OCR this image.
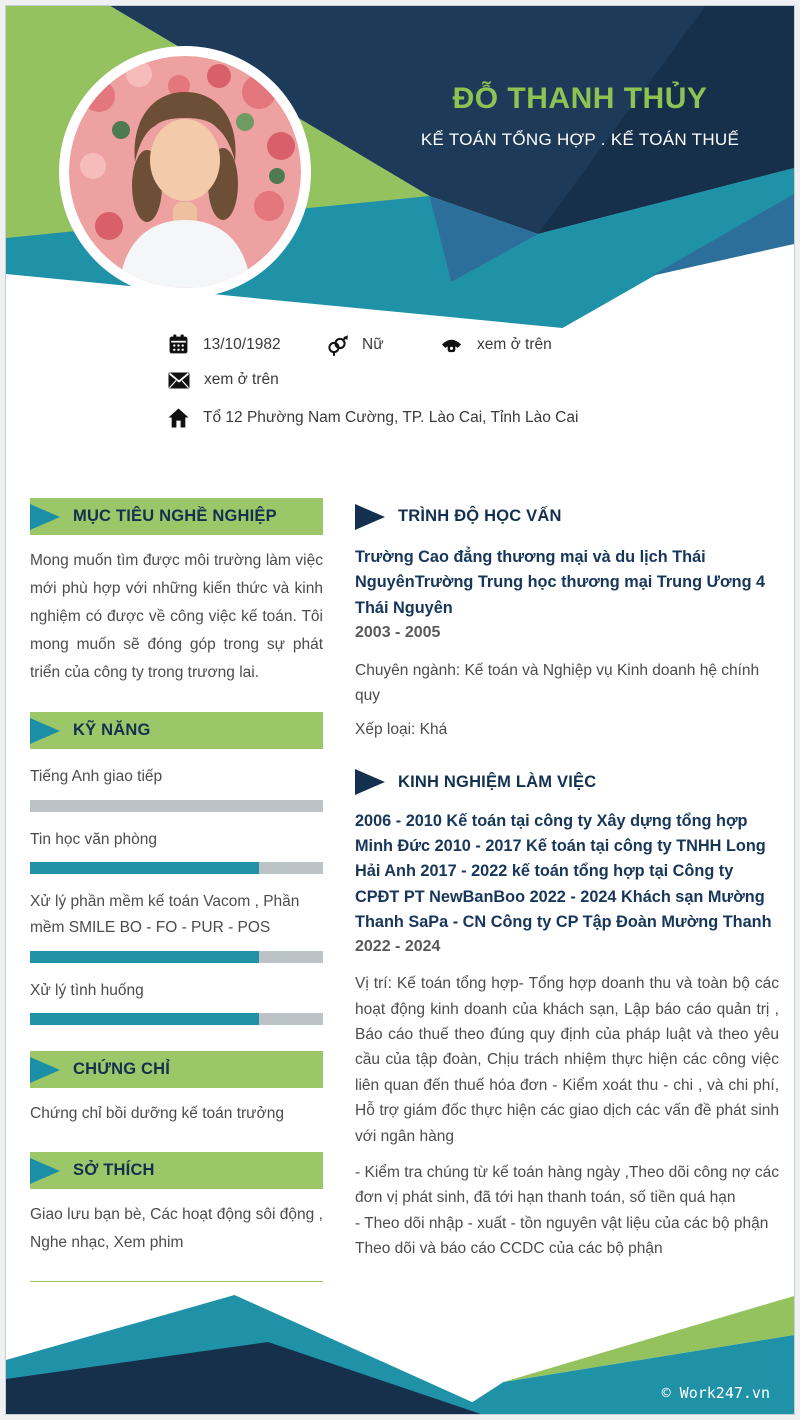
ĐỖ THANH THỦY
KẾ TOÁN TỔNG HỢP . KẾ TOÁN THUẾ
13/10/1982	Nữ	xem ở trên
xem ở trên
Tổ 12 Phường Nam Cường, TP. Lào Cai, Tỉnh Lào Cai
MỤC TIÊU NGHỀ NGHIỆP

Mong muốn tìm được môi trường làm việc mới phù hợp với những kiến thức và kinh nghiệm có được về công việc kế toán. Tôi mong muốn sẽ đóng góp trong sự phát triển của công ty trong trương lai.

KỸ NĂNG
Tiếng Anh giao tiếp
Tin học văn phòng
Xử lý phần mềm kế toán Vacom , Phần mềm SMILE BO - FO - PUR - POS
Xử lý tình huống
CHỨNG CHỈ

Chứng chỉ bồi dưỡng kế toán trưởng

SỞ THÍCH

Giao lưu bạn bè, Các hoạt động sôi động , Nghe nhạc, Xem phim

TRÌNH ĐỘ HỌC VẤN
Trường Cao đẳng thương mại và du lịch Thái NguyênTrường Trung học thương mại Trung Ương 4 Thái Nguyên
2003 - 2005

Chuyên ngành: Kế toán và Nghiệp vụ Kinh doanh hệ chính quy

Xếp loại: Khá

KINH NGHIỆM LÀM VIỆC
2006 - 2010 Kế toán tại công ty Xây dựng tổng hợp Minh Đức 2010 - 2017 Kế toán tại công ty TNHH Long Hải Anh 2017 - 2022 kế toán tổng hợp tại Công ty CPĐT PT NewBanBoo 2022 - 2024 Khách sạn Mường Thanh SaPa - CN Công ty CP Tập Đoàn Mường Thanh
2022 - 2024

Vị trí: Kế toán tổng hợp- Tổng hợp doanh thu và toàn bộ các hoạt động kinh doanh của khách sạn, Lập báo cáo quản trị , Báo cáo thuế theo đúng quy định của pháp luật và theo yêu cầu của tập đoàn, Chịu trách nhiệm thực hiện các công việc liên quan đến thuế hóa đơn - Kiểm xoát thu - chi , và chi phí, Hỗ trợ giám đốc thực hiện các giao dịch các vấn đề phát sinh với ngân hàng

- Kiểm tra chúng từ kế toán hàng ngày ,Theo dõi công nợ các đơn vị phát sinh, đã tới hạn thanh toán, số tiền quá hạn

- Theo dõi nhập - xuất - tồn nguyên vật liệu của các bộ phận

Theo dõi và báo cáo CCDC của các bộ phận

© Work247.vn
